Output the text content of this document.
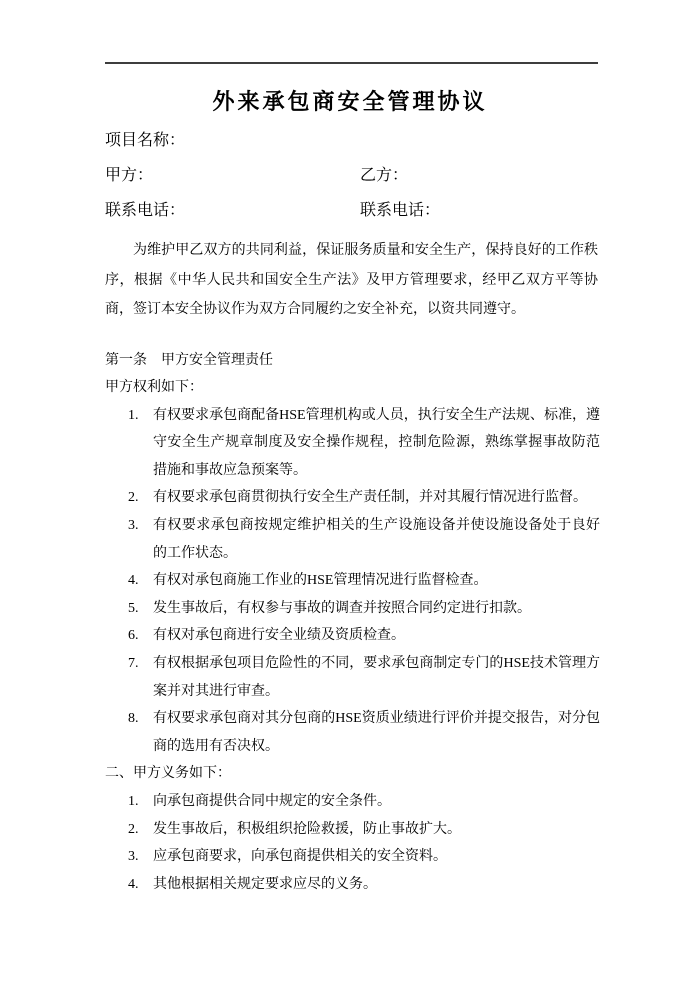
外来承包商安全管理协议
项目名称：
甲方：	乙方：
联系电话：	联系电话：

为维护甲乙双方的共同利益，保证服务质量和安全生产，保持良好的工作秩序，根据《中华人民共和国安全生产法》及甲方管理要求，经甲乙双方平等协商，签订本安全协议作为双方合同履约之安全补充，以资共同遵守。

第一条　甲方安全管理责任

甲方权利如下：

1.	有权要求承包商配备HSE管理机构或人员，执行安全生产法规、标准，遵守安全生产规章制度及安全操作规程，控制危险源，熟练掌握事故防范措施和事故应急预案等。
2.	有权要求承包商贯彻执行安全生产责任制，并对其履行情况进行监督。
3.	有权要求承包商按规定维护相关的生产设施设备并使设施设备处于良好的工作状态。
4.	有权对承包商施工作业的HSE管理情况进行监督检查。
5.	发生事故后，有权参与事故的调查并按照合同约定进行扣款。
6.	有权对承包商进行安全业绩及资质检查。
7.	有权根据承包项目危险性的不同，要求承包商制定专门的HSE技术管理方案并对其进行审查。
8.	有权要求承包商对其分包商的HSE资质业绩进行评价并提交报告，对分包商的选用有否决权。

二、甲方义务如下：

1.	向承包商提供合同中规定的安全条件。
2.	发生事故后，积极组织抢险救援，防止事故扩大。
3.	应承包商要求，向承包商提供相关的安全资料。
4.	其他根据相关规定要求应尽的义务。
